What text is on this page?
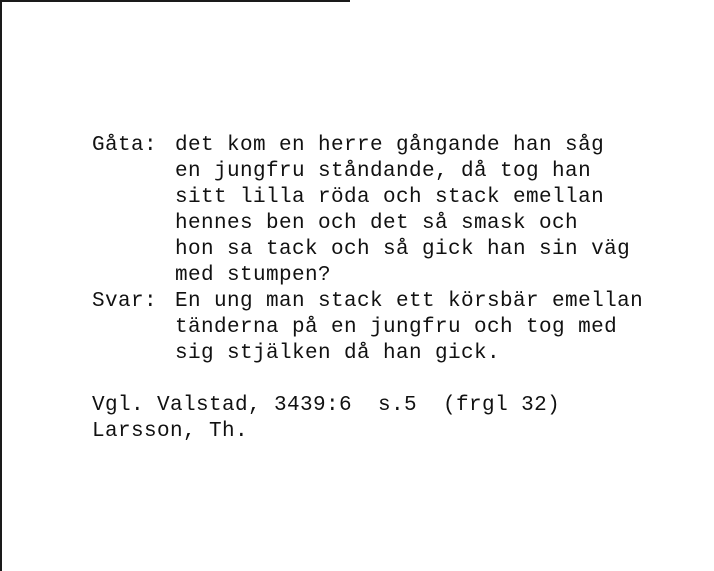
Gåta: det kom en herre gångande han såg
en jungfru ståndande, då tog han
sitt lilla röda och stack emellan
hennes ben och det så smask och
hon sa tack och så gick han sin väg
med stumpen?
Svar: En ung man stack ett körsbär emellan
tänderna på en jungfru och tog med
sig stjälken då han gick.
Vgl. Valstad, 3439:6  s.5  (frgl 32)
Larsson, Th.
